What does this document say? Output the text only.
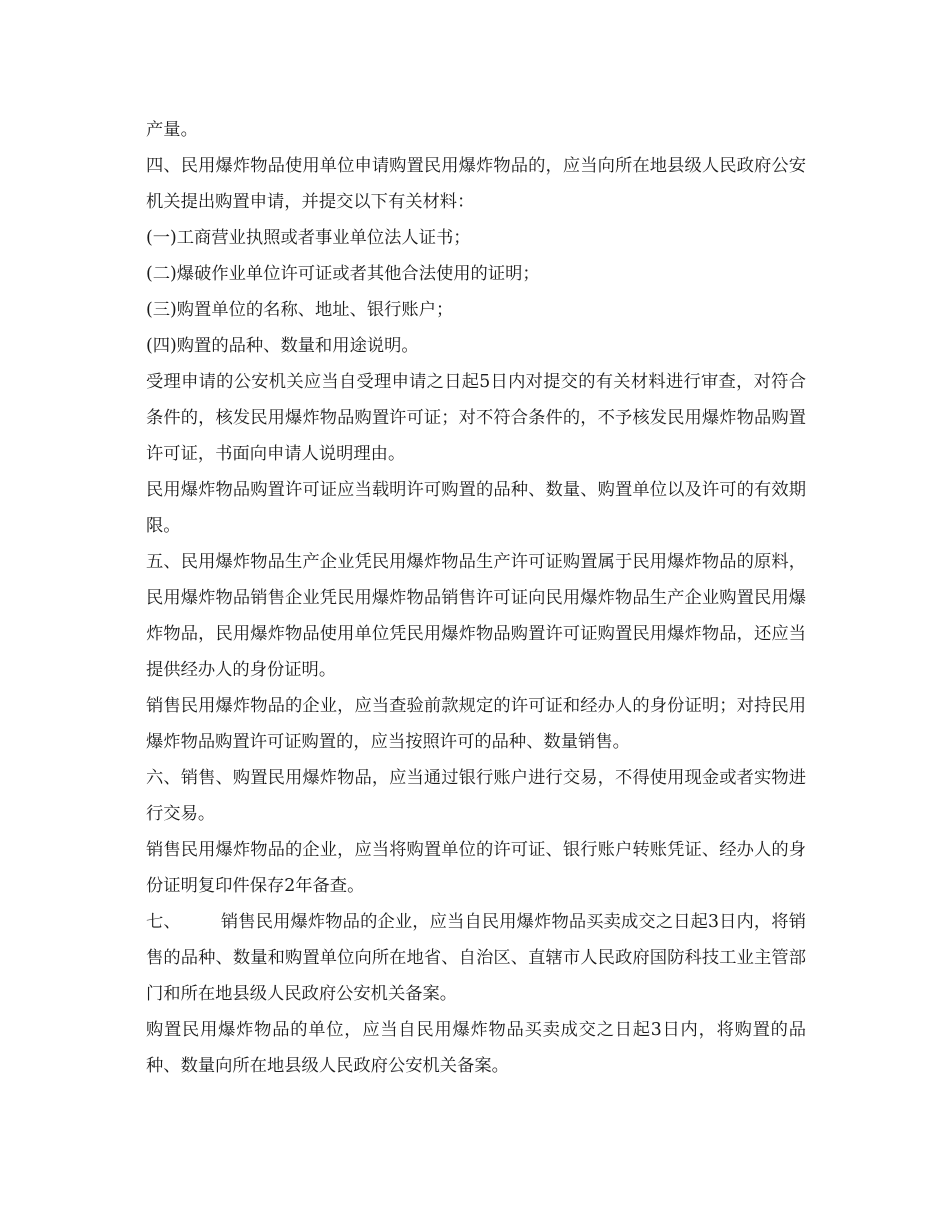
产量。

四、民用爆炸物品使用单位申请购置民用爆炸物品的，应当向所在地县级人民政府公安机关提出购置申请，并提交以下有关材料：

(一)工商营业执照或者事业单位法人证书；

(二)爆破作业单位许可证或者其他合法使用的证明；

(三)购置单位的名称、地址、银行账户；

(四)购置的品种、数量和用途说明。

受理申请的公安机关应当自受理申请之日起5日内对提交的有关材料进行审查，对符合条件的，核发民用爆炸物品购置许可证；对不符合条件的，不予核发民用爆炸物品购置许可证，书面向申请人说明理由。

民用爆炸物品购置许可证应当载明许可购置的品种、数量、购置单位以及许可的有效期限。

五、民用爆炸物品生产企业凭民用爆炸物品生产许可证购置属于民用爆炸物品的原料，民用爆炸物品销售企业凭民用爆炸物品销售许可证向民用爆炸物品生产企业购置民用爆炸物品，民用爆炸物品使用单位凭民用爆炸物品购置许可证购置民用爆炸物品，还应当提供经办人的身份证明。

销售民用爆炸物品的企业，应当查验前款规定的许可证和经办人的身份证明；对持民用爆炸物品购置许可证购置的，应当按照许可的品种、数量销售。

六、销售、购置民用爆炸物品，应当通过银行账户进行交易，不得使用现金或者实物进行交易。

销售民用爆炸物品的企业，应当将购置单位的许可证、银行账户转账凭证、经办人的身份证明复印件保存2年备查。

七、 销售民用爆炸物品的企业，应当自民用爆炸物品买卖成交之日起3日内，将销售的品种、数量和购置单位向所在地省、自治区、直辖市人民政府国防科技工业主管部门和所在地县级人民政府公安机关备案。

购置民用爆炸物品的单位，应当自民用爆炸物品买卖成交之日起3日内，将购置的品种、数量向所在地县级人民政府公安机关备案。
